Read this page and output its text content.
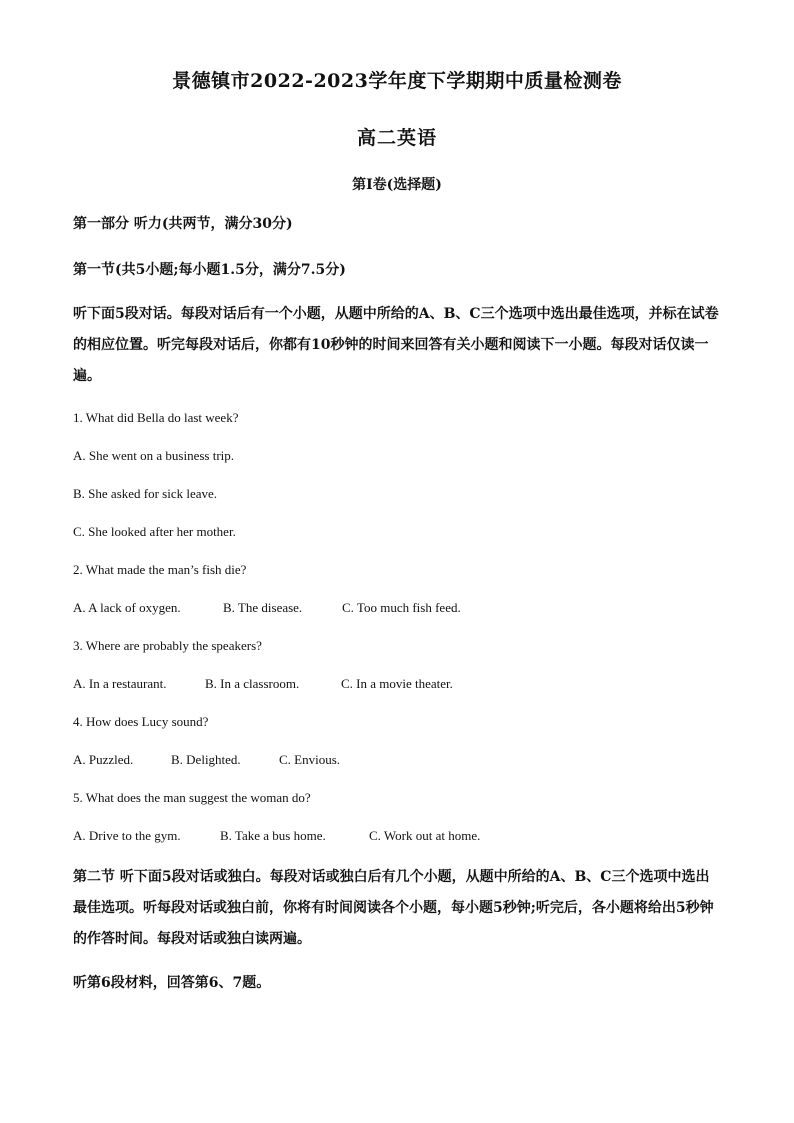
景德镇市2022-2023学年度下学期期中质量检测卷
高二英语
第Ⅰ卷(选择题)
第一部分 听力(共两节，满分30分)
第一节(共5小题;每小题1.5分，满分7.5分)
听下面5段对话。每段对话后有一个小题，从题中所给的A、B、C三个选项中选出最佳选项，并标在试卷的相应位置。听完每段对话后，你都有10秒钟的时间来回答有关小题和阅读下一小题。每段对话仅读一遍。
1. What did Bella do last week?
A. She went on a business trip.
B. She asked for sick leave.
C. She looked after her mother.
2. What made the man’s fish die?
A. A lack of oxygen.	B. The disease.	C. Too much fish feed.
3. Where are probably the speakers?
A. In a restaurant.	B. In a classroom.	C. In a movie theater.
4. How does Lucy sound?
A. Puzzled.	B. Delighted.	C. Envious.
5. What does the man suggest the woman do?
A. Drive to the gym.	B. Take a bus home.	C. Work out at home.
第二节 听下面5段对话或独白。每段对话或独白后有几个小题，从题中所给的A、B、C三个选项中选出最佳选项。听每段对话或独白前，你将有时间阅读各个小题，每小题5秒钟;听完后，各小题将给出5秒钟的作答时间。每段对话或独白读两遍。
听第6段材料，回答第6、7题。
